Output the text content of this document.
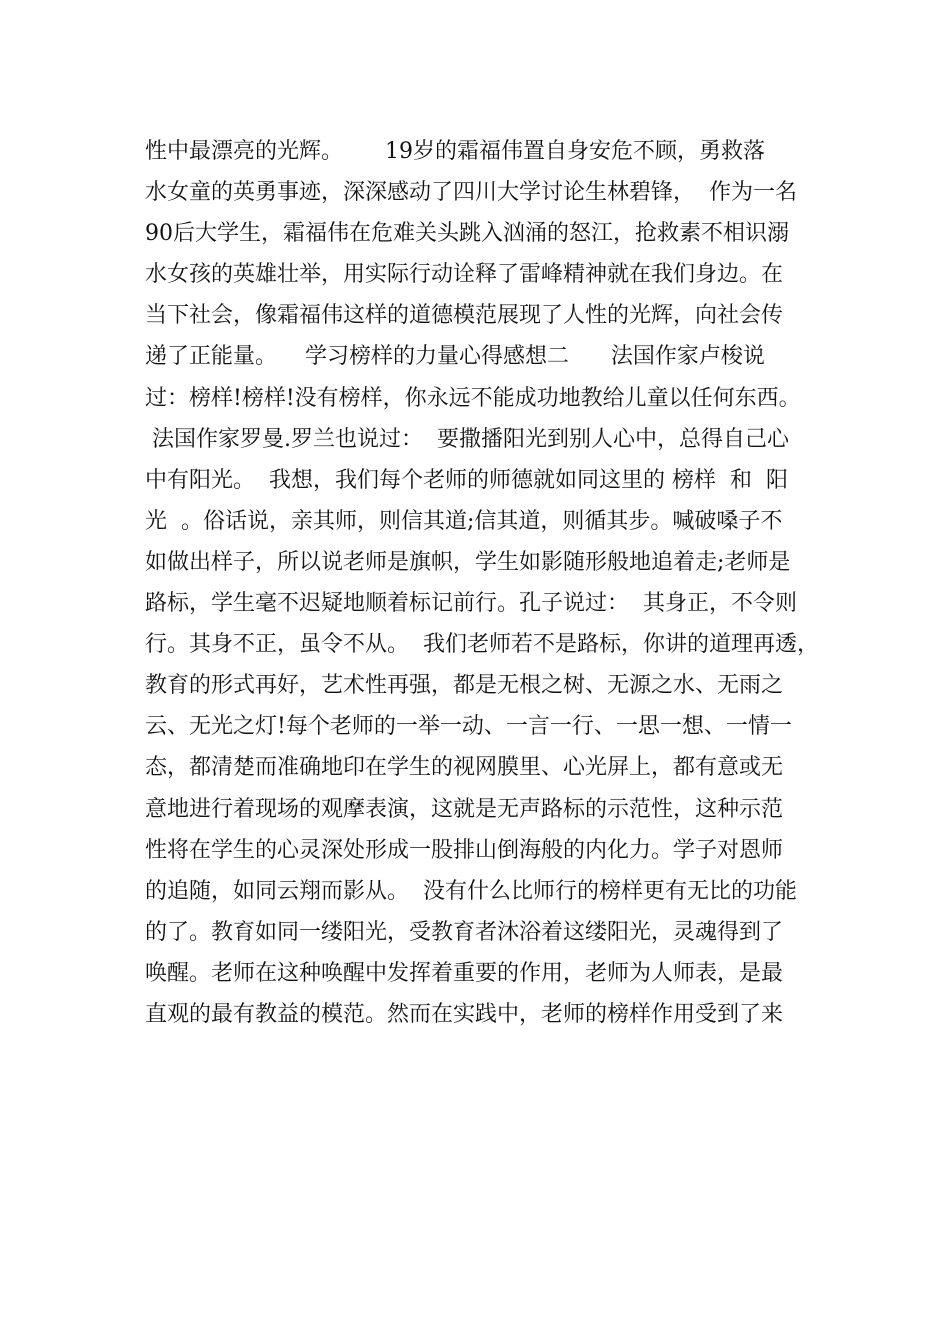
性中最漂亮的光辉。      19岁的霜福伟置自身安危不顾，勇救落
水女童的英勇事迹，深深感动了四川大学讨论生林碧锋，  作为一名
90后大学生，霜福伟在危难关头跳入汹涌的怒江，抢救素不相识溺
水女孩的英雄壮举，用实际行动诠释了雷峰精神就在我们身边。在
当下社会，像霜福伟这样的道德模范展现了人性的光辉，向社会传
递了正能量。    学习榜样的力量心得感想二      法国作家卢梭说
过：榜样!榜样!没有榜样，你永远不能成功地教给儿童以任何东西。
法国作家罗曼.罗兰也说过：  要撒播阳光到别人心中，总得自己心
中有阳光。  我想，我们每个老师的师德就如同这里的 榜样  和  阳
光  。俗话说，亲其师，则信其道;信其道，则循其步。喊破嗓子不
如做出样子，所以说老师是旗帜，学生如影随形般地追着走;老师是
路标，学生毫不迟疑地顺着标记前行。孔子说过：  其身正，不令则
行。其身不正，虽令不从。  我们老师若不是路标，你讲的道理再透，
教育的形式再好，艺术性再强，都是无根之树、无源之水、无雨之
云、无光之灯!每个老师的一举一动、一言一行、一思一想、一情一
态，都清楚而准确地印在学生的视网膜里、心光屏上，都有意或无
意地进行着现场的观摩表演，这就是无声路标的示范性，这种示范
性将在学生的心灵深处形成一股排山倒海般的内化力。学子对恩师
的追随，如同云翔而影从。  没有什么比师行的榜样更有无比的功能
的了。教育如同一缕阳光，受教育者沐浴着这缕阳光，灵魂得到了
唤醒。老师在这种唤醒中发挥着重要的作用，老师为人师表，是最
直观的最有教益的模范。然而在实践中，老师的榜样作用受到了来
